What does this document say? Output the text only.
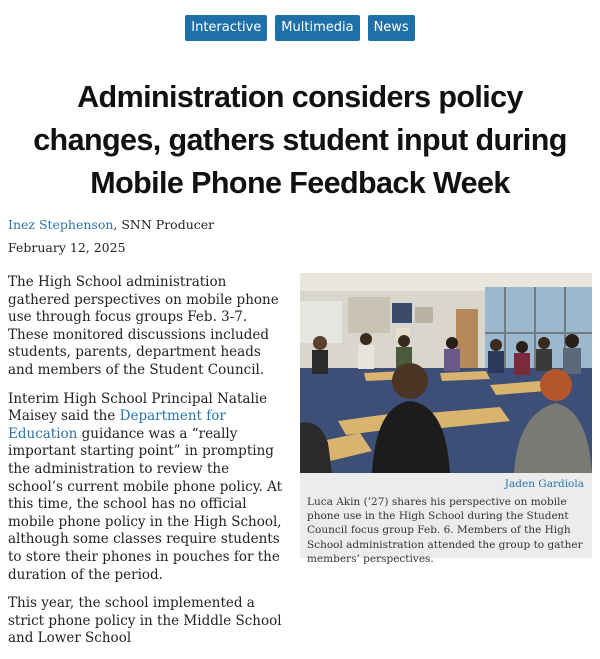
Interactive	Multimedia	News
Administration considers policy changes, gathers student input during Mobile Phone Feedback Week
Inez Stephenson, SNN Producer
February 12, 2025

The High School administration gathered perspectives on mobile phone use through focus groups Feb. 3-7. These monitored discussions included students, parents, department heads and members of the Student Council.

Interim High School Principal Natalie Maisey said the Department for Education guidance was a “really important starting point” in prompting the administration to review the school’s current mobile phone policy. At this time, the school has no official mobile phone policy in the High School, although some classes require students to store their phones in pouches for the duration of the period.

This year, the school implemented a strict phone policy in the Middle School and Lower School

Jaden Gardiola
Luca Akin (’27) shares his perspective on mobile phone use in the High School during the Student Council focus group Feb. 6. Members of the High School administration attended the group to gather members’ perspectives.
